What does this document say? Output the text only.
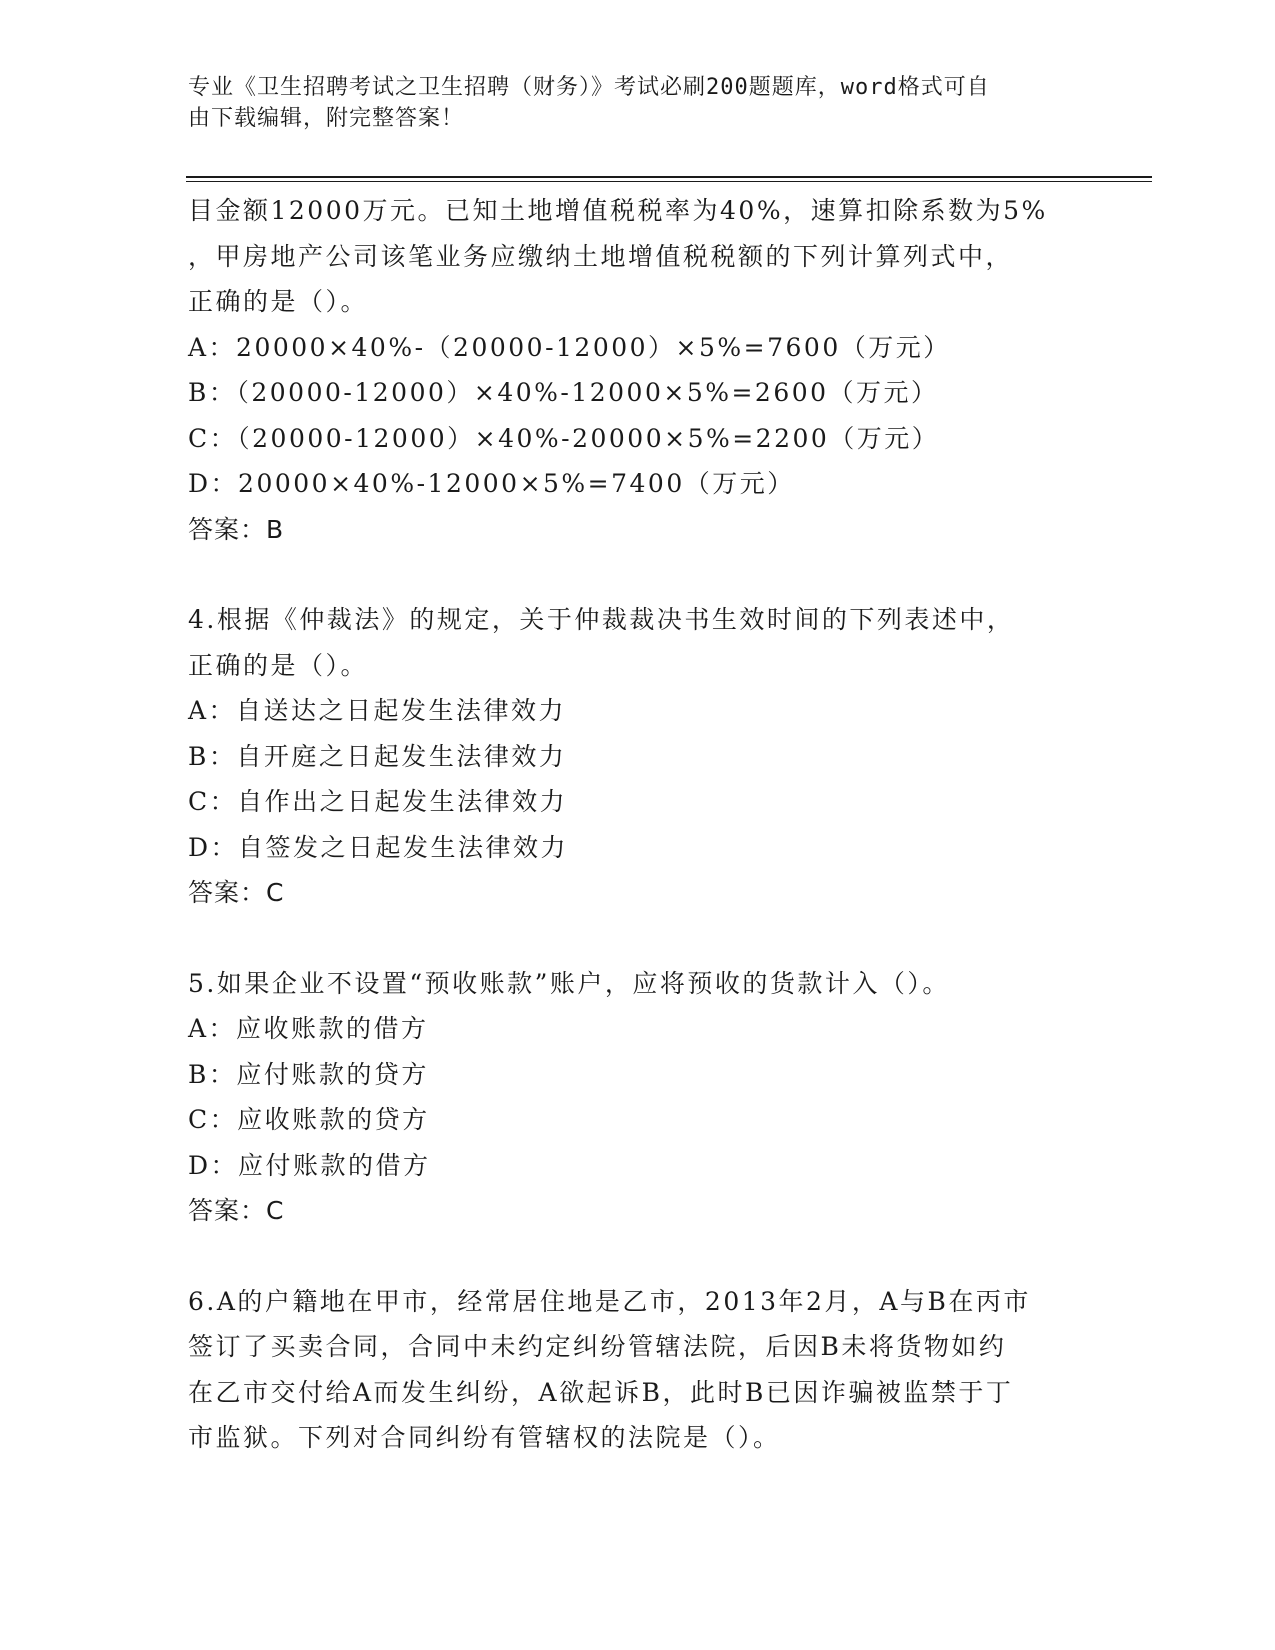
专业《卫生招聘考试之卫生招聘（财务）》考试必刷200题题库，word格式可自

由下载编辑，附完整答案！

目金额12000万元。已知土地增值税税率为40%，速算扣除系数为5%
，甲房地产公司该笔业务应缴纳土地增值税税额的下列计算列式中，
正确的是（）。
A：20000×40%-（20000-12000）×5%=7600（万元）
B：（20000-12000）×40%-12000×5%=2600（万元）
C：（20000-12000）×40%-20000×5%=2200（万元）
D：20000×40%-12000×5%=7400（万元）
答案：B
4.根据《仲裁法》的规定，关于仲裁裁决书生效时间的下列表述中，
正确的是（）。
A：自送达之日起发生法律效力
B：自开庭之日起发生法律效力
C：自作出之日起发生法律效力
D：自签发之日起发生法律效力
答案：C
5.如果企业不设置“预收账款”账户，应将预收的货款计入（）。
A：应收账款的借方
B：应付账款的贷方
C：应收账款的贷方
D：应付账款的借方
答案：C
6.A的户籍地在甲市，经常居住地是乙市，2013年2月，A与B在丙市
签订了买卖合同，合同中未约定纠纷管辖法院，后因B未将货物如约
在乙市交付给A而发生纠纷，A欲起诉B，此时B已因诈骗被监禁于丁
市监狱。下列对合同纠纷有管辖权的法院是（）。
